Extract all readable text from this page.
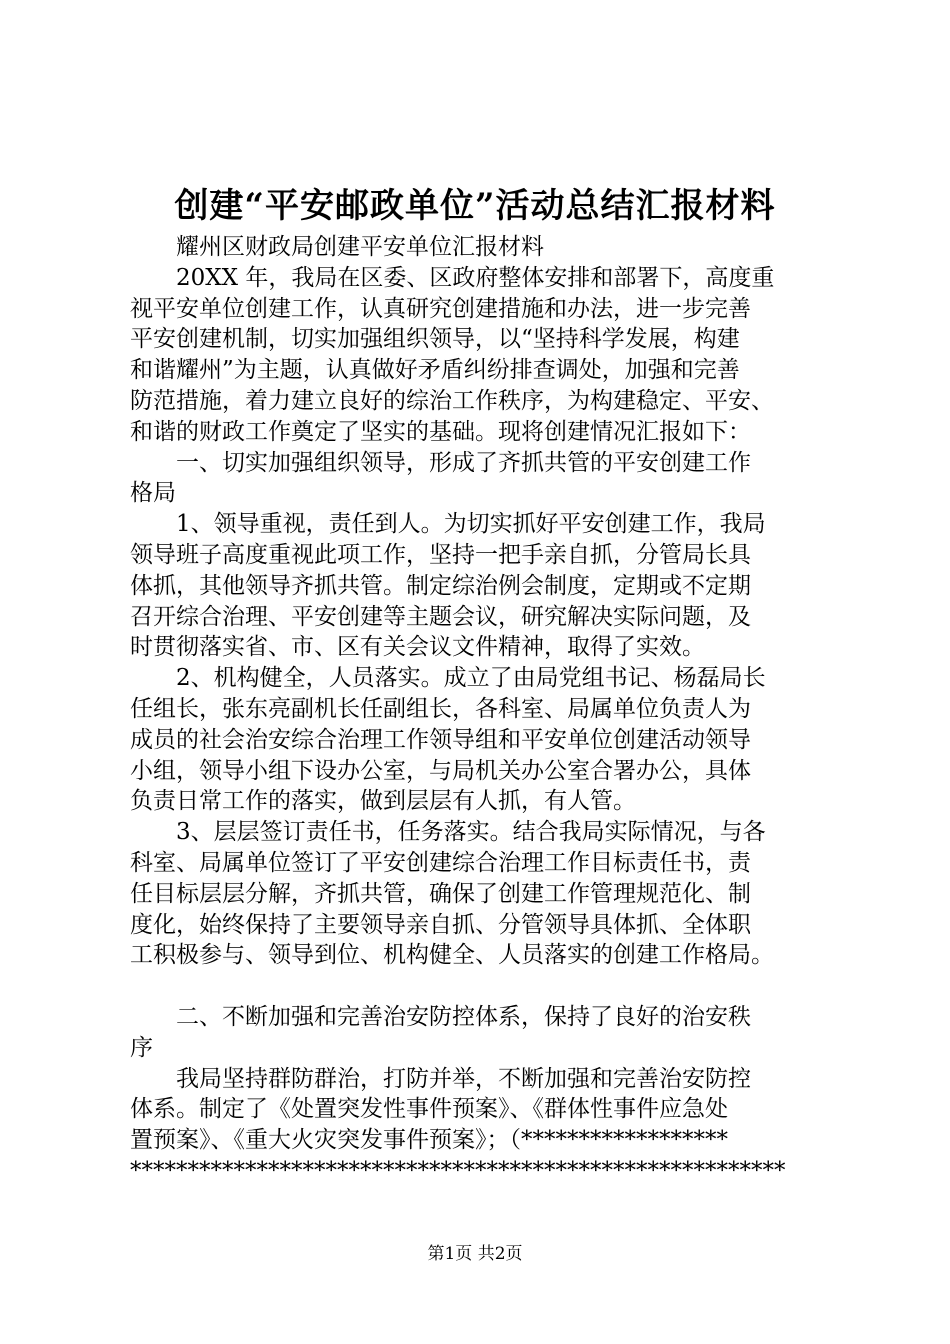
创建“平安邮政单位”活动总结汇报材料
　　耀州区财政局创建平安单位汇报材料
　　20XX 年，我局在区委、区政府整体安排和部署下，高度重
视平安单位创建工作，认真研究创建措施和办法，进一步完善
平安创建机制，切实加强组织领导，以“坚持科学发展，构建
和谐耀州”为主题，认真做好矛盾纠纷排查调处，加强和完善
防范措施，着力建立良好的综治工作秩序，为构建稳定、平安、
和谐的财政工作奠定了坚实的基础。现将创建情况汇报如下：
　　一、切实加强组织领导，形成了齐抓共管的平安创建工作
格局
　　1、领导重视，责任到人。为切实抓好平安创建工作，我局
领导班子高度重视此项工作，坚持一把手亲自抓，分管局长具
体抓，其他领导齐抓共管。制定综治例会制度，定期或不定期
召开综合治理、平安创建等主题会议，研究解决实际问题，及
时贯彻落实省、市、区有关会议文件精神，取得了实效。
　　2、机构健全，人员落实。成立了由局党组书记、杨磊局长
任组长，张东亮副机长任副组长，各科室、局属单位负责人为
成员的社会治安综合治理工作领导组和平安单位创建活动领导
小组，领导小组下设办公室，与局机关办公室合署办公，具体
负责日常工作的落实，做到层层有人抓，有人管。
　　3、层层签订责任书，任务落实。结合我局实际情况，与各
科室、局属单位签订了平安创建综合治理工作目标责任书，责
任目标层层分解，齐抓共管，确保了创建工作管理规范化、制
度化，始终保持了主要领导亲自抓、分管领导具体抓、全体职
工积极参与、领导到位、机构健全、人员落实的创建工作格局。
　　二、不断加强和完善治安防控体系，保持了良好的治安秩
序
　　我局坚持群防群治，打防并举，不断加强和完善治安防控
体系。制定了《处置突发性事件预案》、《群体性事件应急处
置预案》、《重大火灾突发事件预案》；（******************
*********************************************************
第1页 共2页
